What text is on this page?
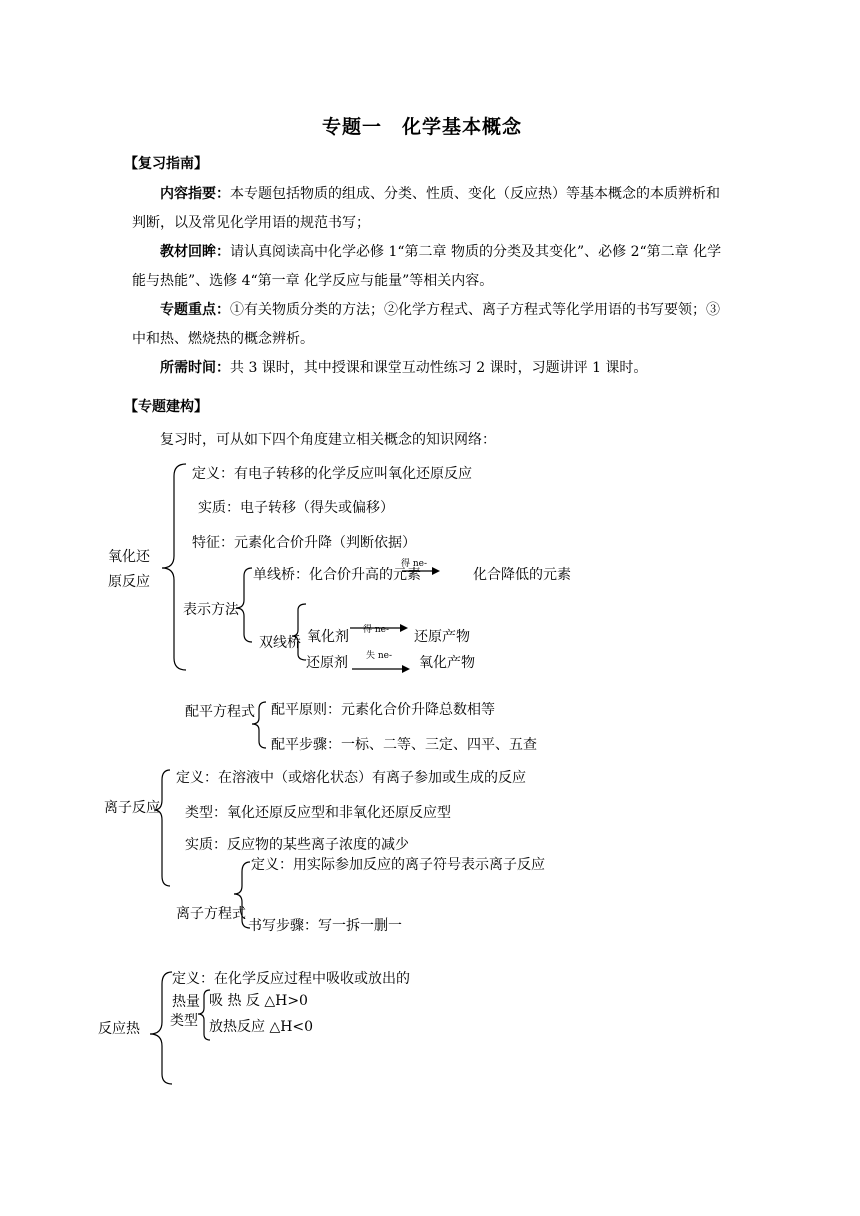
专题一　化学基本概念
【复习指南】
内容指要：本专题包括物质的组成、分类、性质、变化（反应热）等基本概念的本质辨析和判断，以及常见化学用语的规范书写；
教材回眸：请认真阅读高中化学必修 1“第二章 物质的分类及其变化”、必修 2“第二章 化学能与热能”、选修 4“第一章 化学反应与能量”等相关内容。
专题重点：①有关物质分类的方法；②化学方程式、离子方程式等化学用语的书写要领；③中和热、燃烧热的概念辨析。
所需时间：共 3 课时，其中授课和课堂互动性练习 2 课时，习题讲评 1 课时。
【专题建构】
复习时，可从如下四个角度建立相关概念的知识网络：
氧化还
原反应
定义：有电子转移的化学反应叫氧化还原反应
实质：电子转移（得失或偏移）
特征：元素化合价升降（判断依据）
表示方法
单线桥：化合价升高的元素
得 ne-
化合降低的元素
双线桥 氧化剂 得 ne- 还原产物
还原剂 失 ne- 氧化产物
配平方程式 配平原则：元素化合价升降总数相等
配平步骤：一标、二等、三定、四平、五查
离子反应
定义：在溶液中（或熔化状态）有离子参加或生成的反应
类型：氧化还原反应型和非氧化还原反应型
实质：反应物的某些离子浓度的减少
离子方程式
定义：用实际参加反应的离子符号表示离子反应
书写步骤：写一拆一删一
反应热
定义：在化学反应过程中吸收或放出的
热量
类型
吸 热 反 △H>0
放热反应 △H<0
